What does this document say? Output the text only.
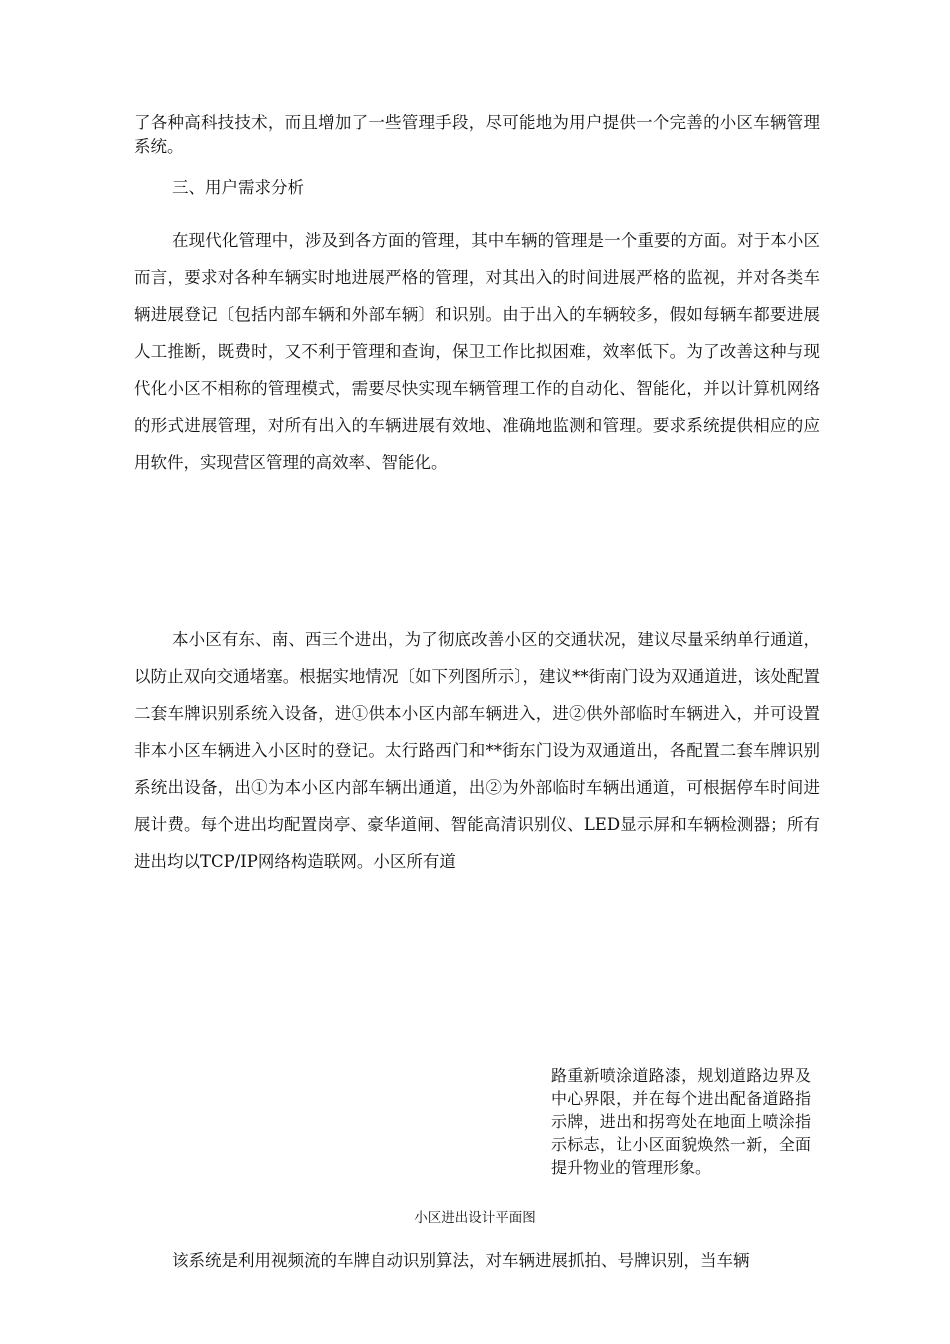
了各种高科技技术，而且增加了一些管理手段，尽可能地为用户提供一个完善的小区车辆管理系统。

三、用户需求分析

在现代化管理中，涉及到各方面的管理，其中车辆的管理是一个重要的方面。对于本小区而言，要求对各种车辆实时地进展严格的管理，对其出入的时间进展严格的监视，并对各类车辆进展登记〔包括内部车辆和外部车辆〕和识别。由于出入的车辆较多，假如每辆车都要进展人工推断，既费时，又不利于管理和查询，保卫工作比拟困难，效率低下。为了改善这种与现代化小区不相称的管理模式，需要尽快实现车辆管理工作的自动化、智能化，并以计算机网络的形式进展管理，对所有出入的车辆进展有效地、准确地监测和管理。要求系统提供相应的应用软件，实现营区管理的高效率、智能化。

本小区有东、南、西三个进出，为了彻底改善小区的交通状况，建议尽量采纳单行通道，以防止双向交通堵塞。根据实地情况〔如下列图所示〕，建议**街南门设为双通道进，该处配置二套车牌识别系统入设备，进①供本小区内部车辆进入，进②供外部临时车辆进入，并可设置非本小区车辆进入小区时的登记。太行路西门和**街东门设为双通道出，各配置二套车牌识别系统出设备，出①为本小区内部车辆出通道，出②为外部临时车辆出通道，可根据停车时间进展计费。每个进出均配置岗亭、豪华道闸、智能高清识别仪、LED显示屏和车辆检测器；所有进出均以TCP/IP网络构造联网。小区所有道

路重新喷涂道路漆，规划道路边界及中心界限，并在每个进出配备道路指示牌，进出和拐弯处在地面上喷涂指示标志，让小区面貌焕然一新，全面提升物业的管理形象。

小区进出设计平面图

该系统是利用视频流的车牌自动识别算法，对车辆进展抓拍、号牌识别，当车辆
